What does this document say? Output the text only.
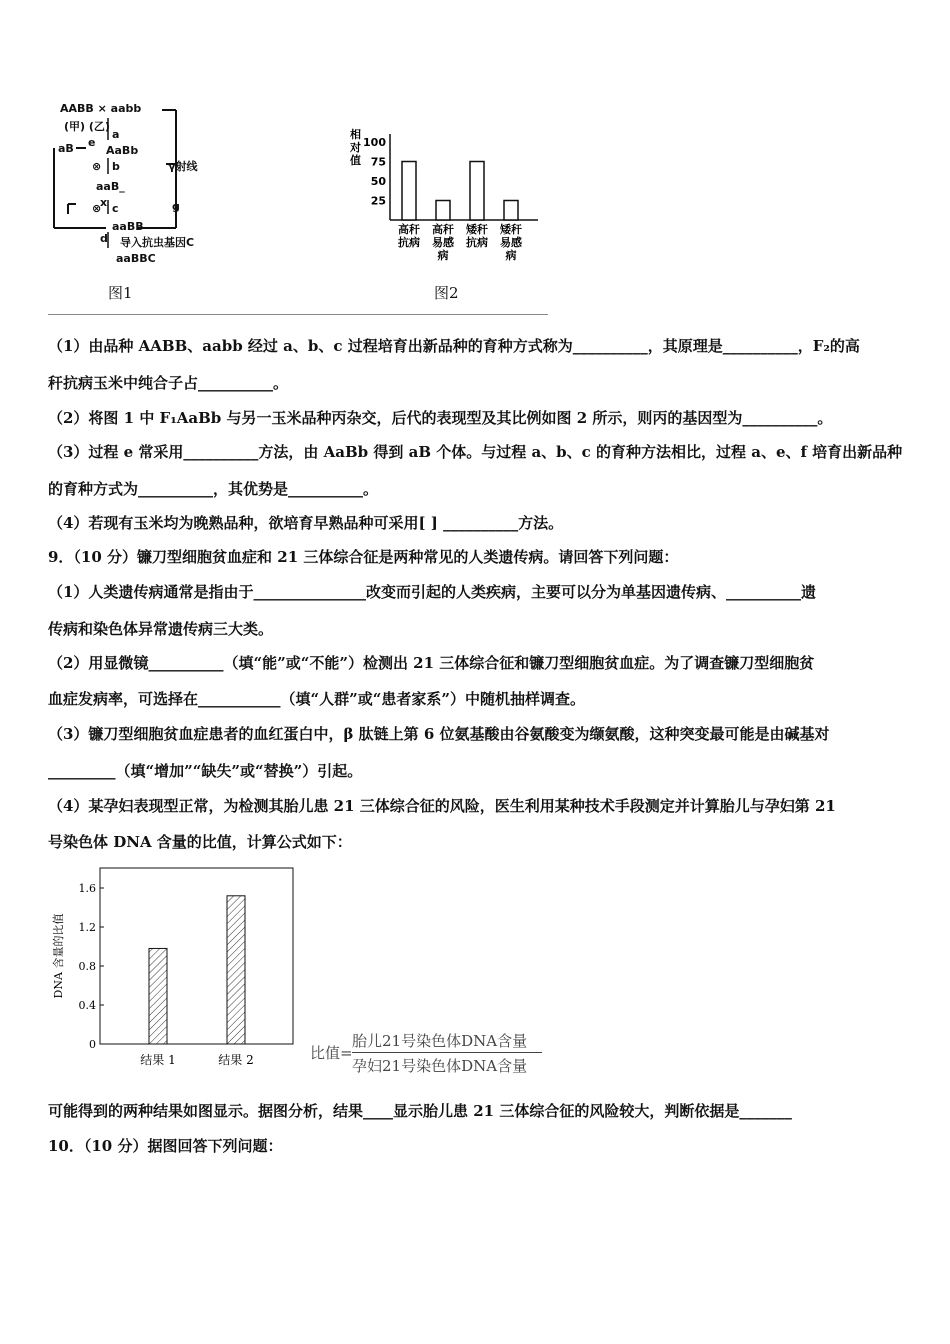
AABB × aabb
(甲) (乙)
a
e
aB	AaBb
⊗ b
aaB_
x
⊗ c	g
aaBB
d 导入抗虫基因C
aaBBC
γ射线
图1
相
对
值
100
75
50
25
高秆
抗病
高秆
易感
病
矮秆
抗病
矮秆
易感
病
图2
（1）由品种 AABB、aabb 经过 a、b、c 过程培育出新品种的育种方式称为__________，其原理是__________，F₂的高
秆抗病玉米中纯合子占__________。
（2）将图 1 中 F₁AaBb 与另一玉米品种丙杂交，后代的表现型及其比例如图 2 所示，则丙的基因型为__________。
（3）过程 e 常采用__________方法，由 AaBb 得到 aB 个体。与过程 a、b、c 的育种方法相比，过程 a、e、f 培育出新品种
的育种方式为__________，其优势是__________。
（4）若现有玉米均为晚熟品种，欲培育早熟品种可采用[ ] __________方法。
9．（10 分）镰刀型细胞贫血症和 21 三体综合征是两种常见的人类遗传病。请回答下列问题：
（1）人类遗传病通常是指由于_______________改变而引起的人类疾病，主要可以分为单基因遗传病、__________遗
传病和染色体异常遗传病三大类。
（2）用显微镜__________（填“能”或“不能”）检测出 21 三体综合征和镰刀型细胞贫血症。为了调查镰刀型细胞贫
血症发病率，可选择在___________（填“人群”或“患者家系”）中随机抽样调查。
（3）镰刀型细胞贫血症患者的血红蛋白中，β 肽链上第 6 位氨基酸由谷氨酸变为缬氨酸，这种突变最可能是由碱基对
_________（填“增加”“缺失”或“替换”）引起。
（4）某孕妇表现型正常，为检测其胎儿患 21 三体综合征的风险，医生利用某种技术手段测定并计算胎儿与孕妇第 21
号染色体 DNA 含量的比值，计算公式如下：
1.6
1.2
0.8
0.4
0
DNA 含量的比值
结果 1	结果 2	比值=
胎儿21号染色体DNA含量
孕妇21号染色体DNA含量
可能得到的两种结果如图显示。据图分析，结果____显示胎儿患 21 三体综合征的风险较大，判断依据是_______
10．（10 分）据图回答下列问题：
